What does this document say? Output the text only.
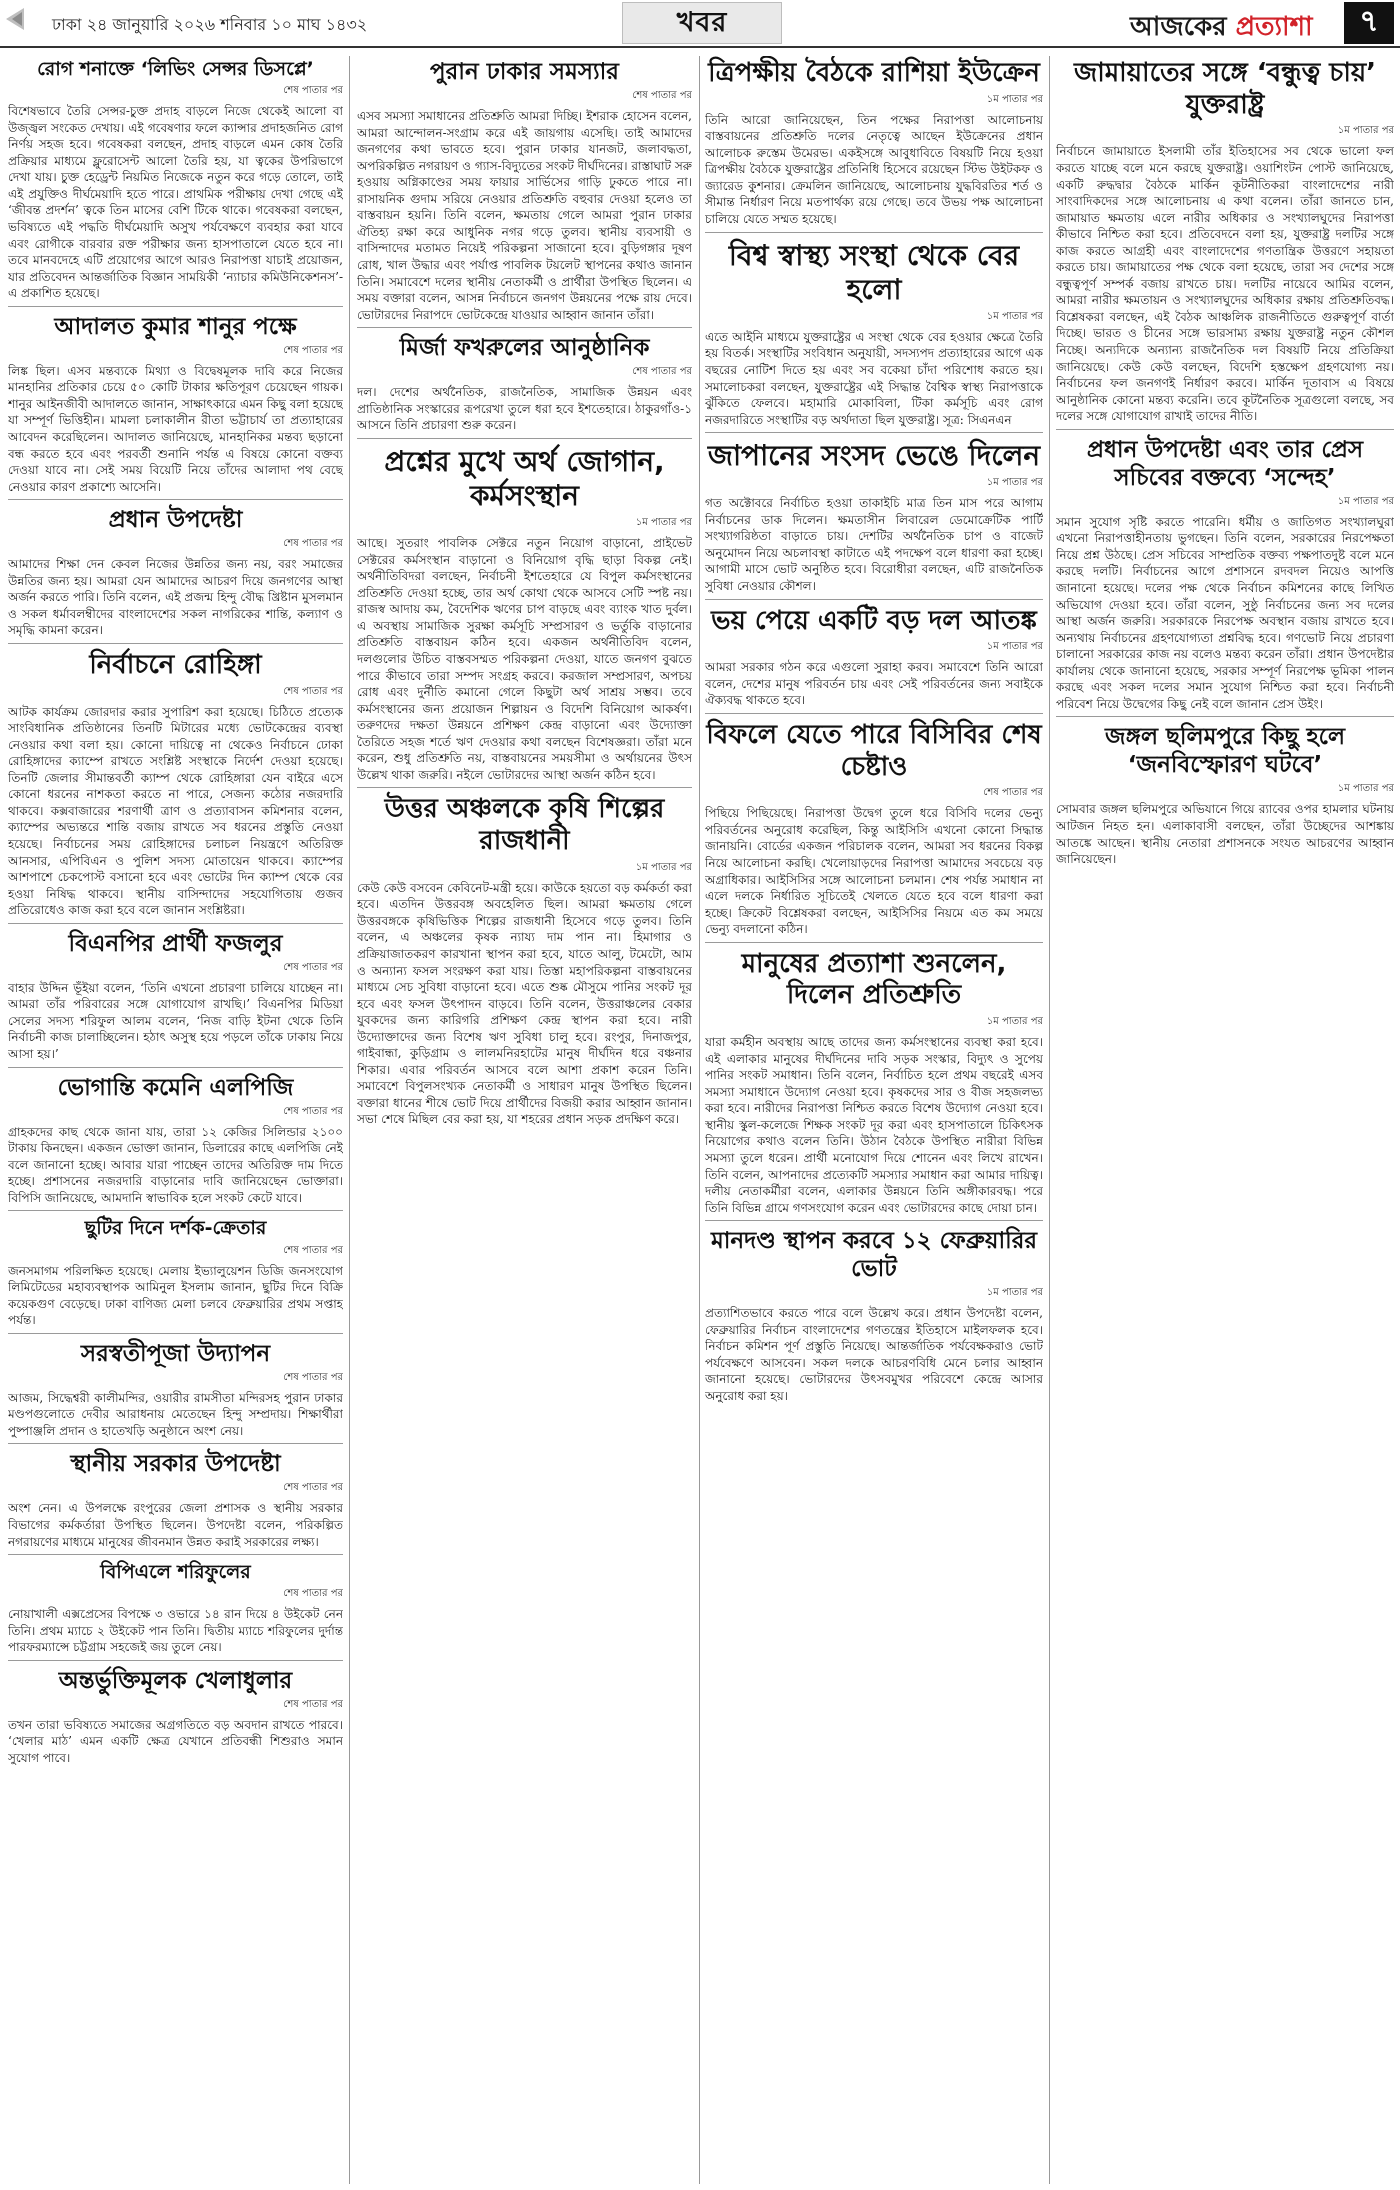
ঢাকা ২৪ জানুয়ারি ২০২৬ শনিবার ১০ মাঘ ১৪৩২	খবর	আজকের প্রত্যাশা	৭
রোগ শনাক্তে ‘লিভিং সেন্সর ডিসপ্লে’
শেষ পাতার পর
বিশেষভাবে তৈরি সেন্সর-চুক্ত প্রদাহ বাড়লে নিজে থেকেই আলো বা উজ্জ্বল সংকেত দেখায়। এই গবেষণার ফলে ক্যান্সার প্রদাহজনিত রোগ নির্ণয় সহজ হবে। গবেষকরা বলছেন, প্রদাহ বাড়লে এমন কোষ তৈরি প্রক্রিয়ার মাধ্যমে ফ্লুরোসেন্ট আলো তৈরি হয়, যা ত্বকের উপরিভাগে দেখা যায়। চুক্ত হেড্রেন্ট নিয়মিত নিজেকে নতুন করে গড়ে তোলে, তাই এই প্রযুক্তিও দীর্ঘমেয়াদি হতে পারে। প্রাথমিক পরীক্ষায় দেখা গেছে এই ‘জীবন্ত প্রদর্শন’ ত্বকে তিন মাসের বেশি টিকে থাকে। গবেষকরা বলছেন, ভবিষ্যতে এই পদ্ধতি দীর্ঘমেয়াদি অসুখ পর্যবেক্ষণে ব্যবহার করা যাবে এবং রোগীকে বারবার রক্ত পরীক্ষার জন্য হাসপাতালে যেতে হবে না। তবে মানবদেহে এটি প্রয়োগের আগে আরও নিরাপত্তা যাচাই প্রয়োজন, যার প্রতিবেদন আন্তর্জাতিক বিজ্ঞান সাময়িকী ‘ন্যাচার কমিউনিকেশনস’-এ প্রকাশিত হয়েছে।
আদালত কুমার শানুর পক্ষে
শেষ পাতার পর
লিঙ্ক ছিল। এসব মন্তব্যকে মিথ্যা ও বিদ্বেষমূলক দাবি করে নিজের মানহানির প্রতিকার চেয়ে ৫০ কোটি টাকার ক্ষতিপূরণ চেয়েছেন গায়ক। শানুর আইনজীবী আদালতে জানান, সাক্ষাৎকারে এমন কিছু বলা হয়েছে যা সম্পূর্ণ ভিত্তিহীন। মামলা চলাকালীন রীতা ভট্টাচার্য তা প্রত্যাহারের আবেদন করেছিলেন। আদালত জানিয়েছে, মানহানিকর মন্তব্য ছড়ানো বন্ধ করতে হবে এবং পরবর্তী শুনানি পর্যন্ত এ বিষয়ে কোনো বক্তব্য দেওয়া যাবে না। সেই সময় বিয়েটি নিয়ে তাঁদের আলাদা পথ বেছে নেওয়ার কারণ প্রকাশ্যে আসেনি।
প্রধান উপদেষ্টা
শেষ পাতার পর
আমাদের শিক্ষা দেন কেবল নিজের উন্নতির জন্য নয়, বরং সমাজের উন্নতির জন্য হয়। আমরা যেন আমাদের আচরণ দিয়ে জনগণের আস্থা অর্জন করতে পারি। তিনি বলেন, এই প্রজন্ম হিন্দু বৌদ্ধ খ্রিষ্টান মুসলমান ও সকল ধর্মাবলম্বীদের বাংলাদেশের সকল নাগরিকের শান্তি, কল্যাণ ও সমৃদ্ধি কামনা করেন।
নির্বাচনে রোহিঙ্গা
শেষ পাতার পর
আটক কার্যক্রম জোরদার করার সুপারিশ করা হয়েছে। চিঠিতে প্রত্যেক সাংবিধানিক প্রতিষ্ঠানের তিনটি মিটারের মধ্যে ভোটকেন্দ্রের ব্যবস্থা নেওয়ার কথা বলা হয়। কোনো দায়িত্বে না থেকেও নির্বাচনে ঢোকা রোহিঙ্গাদের ক্যাম্পে রাখতে সংশ্লিষ্ট সংস্থাকে নির্দেশ দেওয়া হয়েছে। তিনটি জেলার সীমান্তবর্তী ক্যাম্প থেকে রোহিঙ্গারা যেন বাইরে এসে কোনো ধরনের নাশকতা করতে না পারে, সেজন্য কঠোর নজরদারি থাকবে। কক্সবাজারের শরণার্থী ত্রাণ ও প্রত্যাবাসন কমিশনার বলেন, ক্যাম্পের অভ্যন্তরে শান্তি বজায় রাখতে সব ধরনের প্রস্তুতি নেওয়া হয়েছে। নির্বাচনের সময় রোহিঙ্গাদের চলাচল নিয়ন্ত্রণে অতিরিক্ত আনসার, এপিবিএন ও পুলিশ সদস্য মোতায়েন থাকবে। ক্যাম্পের আশপাশে চেকপোস্ট বসানো হবে এবং ভোটের দিন ক্যাম্প থেকে বের হওয়া নিষিদ্ধ থাকবে। স্থানীয় বাসিন্দাদের সহযোগিতায় গুজব প্রতিরোধেও কাজ করা হবে বলে জানান সংশ্লিষ্টরা।
বিএনপির প্রার্থী ফজলুর
শেষ পাতার পর
বাহার উদ্দিন ভূঁইয়া বলেন, ‘তিনি এখনো প্রচারণা চালিয়ে যাচ্ছেন না। আমরা তাঁর পরিবারের সঙ্গে যোগাযোগ রাখছি।’ বিএনপির মিডিয়া সেলের সদস্য শরিফুল আলম বলেন, ‘নিজ বাড়ি ইটনা থেকে তিনি নির্বাচনী কাজ চালাচ্ছিলেন। হঠাৎ অসুস্থ হয়ে পড়লে তাঁকে ঢাকায় নিয়ে আসা হয়।’
ভোগান্তি কমেনি এলপিজি
শেষ পাতার পর
গ্রাহকদের কাছ থেকে জানা যায়, তারা ১২ কেজির সিলিন্ডার ২১০০ টাকায় কিনছেন। একজন ভোক্তা জানান, ডিলারের কাছে এলপিজি নেই বলে জানানো হচ্ছে। আবার যারা পাচ্ছেন তাদের অতিরিক্ত দাম দিতে হচ্ছে। প্রশাসনের নজরদারি বাড়ানোর দাবি জানিয়েছেন ভোক্তারা। বিপিসি জানিয়েছে, আমদানি স্বাভাবিক হলে সংকট কেটে যাবে।
ছুটির দিনে দর্শক-ক্রেতার
শেষ পাতার পর
জনসমাগম পরিলক্ষিত হয়েছে। মেলায় ইভ্যালুয়েশন ডিজি জনসংযোগ লিমিটেডের মহাব্যবস্থাপক আমিনুল ইসলাম জানান, ছুটির দিনে বিক্রি কয়েকগুণ বেড়েছে। ঢাকা বাণিজ্য মেলা চলবে ফেব্রুয়ারির প্রথম সপ্তাহ পর্যন্ত।
সরস্বতীপূজা উদ্যাপন
শেষ পাতার পর
আজম, সিদ্ধেশ্বরী কালীমন্দির, ওয়ারীর রামসীতা মন্দিরসহ পুরান ঢাকার মণ্ডপগুলোতে দেবীর আরাধনায় মেতেছেন হিন্দু সম্প্রদায়। শিক্ষার্থীরা পুষ্পাঞ্জলি প্রদান ও হাতেখড়ি অনুষ্ঠানে অংশ নেয়।
স্থানীয় সরকার উপদেষ্টা
শেষ পাতার পর
অংশ নেন। এ উপলক্ষে রংপুরের জেলা প্রশাসক ও স্থানীয় সরকার বিভাগের কর্মকর্তারা উপস্থিত ছিলেন। উপদেষ্টা বলেন, পরিকল্পিত নগরায়ণের মাধ্যমে মানুষের জীবনমান উন্নত করাই সরকারের লক্ষ্য।
বিপিএলে শরিফুলের
শেষ পাতার পর
নোয়াখালী এক্সপ্রেসের বিপক্ষে ৩ ওভারে ১৪ রান দিয়ে ৪ উইকেট নেন তিনি। প্রথম ম্যাচে ২ উইকেট পান তিনি। দ্বিতীয় ম্যাচে শরিফুলের দুর্দান্ত পারফরম্যান্সে চট্টগ্রাম সহজেই জয় তুলে নেয়।
অন্তর্ভুক্তিমূলক খেলাধুলার
শেষ পাতার পর
তখন তারা ভবিষ্যতে সমাজের অগ্রগতিতে বড় অবদান রাখতে পারবে। ‘খেলার মাঠ’ এমন একটি ক্ষেত্র যেখানে প্রতিবন্ধী শিশুরাও সমান সুযোগ পাবে।
পুরান ঢাকার সমস্যার
শেষ পাতার পর
এসব সমস্যা সমাধানের প্রতিশ্রুতি আমরা দিচ্ছি। ইশরাক হোসেন বলেন, আমরা আন্দোলন-সংগ্রাম করে এই জায়গায় এসেছি। তাই আমাদের জনগণের কথা ভাবতে হবে। পুরান ঢাকার যানজট, জলাবদ্ধতা, অপরিকল্পিত নগরায়ণ ও গ্যাস-বিদ্যুতের সংকট দীর্ঘদিনের। রাস্তাঘাট সরু হওয়ায় অগ্নিকাণ্ডের সময় ফায়ার সার্ভিসের গাড়ি ঢুকতে পারে না। রাসায়নিক গুদাম সরিয়ে নেওয়ার প্রতিশ্রুতি বহুবার দেওয়া হলেও তা বাস্তবায়ন হয়নি। তিনি বলেন, ক্ষমতায় গেলে আমরা পুরান ঢাকার ঐতিহ্য রক্ষা করে আধুনিক নগর গড়ে তুলব। স্থানীয় ব্যবসায়ী ও বাসিন্দাদের মতামত নিয়েই পরিকল্পনা সাজানো হবে। বুড়িগঙ্গার দূষণ রোধ, খাল উদ্ধার এবং পর্যাপ্ত পাবলিক টয়লেট স্থাপনের কথাও জানান তিনি। সমাবেশে দলের স্থানীয় নেতাকর্মী ও প্রার্থীরা উপস্থিত ছিলেন। এ সময় বক্তারা বলেন, আসন্ন নির্বাচনে জনগণ উন্নয়নের পক্ষে রায় দেবে। ভোটারদের নিরাপদে ভোটকেন্দ্রে যাওয়ার আহ্বান জানান তাঁরা।
মির্জা ফখরুলের আনুষ্ঠানিক
শেষ পাতার পর
দল। দেশের অর্থনৈতিক, রাজনৈতিক, সামাজিক উন্নয়ন এবং প্রাতিষ্ঠানিক সংস্কারের রূপরেখা তুলে ধরা হবে ইশতেহারে। ঠাকুরগাঁও-১ আসনে তিনি প্রচারণা শুরু করেন।
প্রশ্নের মুখে অর্থ জোগান, কর্মসংস্থান
১ম পাতার পর
আছে। সুতরাং পাবলিক সেক্টরে নতুন নিয়োগ বাড়ানো, প্রাইভেট সেক্টরের কর্মসংস্থান বাড়ানো ও বিনিয়োগ বৃদ্ধি ছাড়া বিকল্প নেই। অর্থনীতিবিদরা বলছেন, নির্বাচনী ইশতেহারে যে বিপুল কর্মসংস্থানের প্রতিশ্রুতি দেওয়া হচ্ছে, তার অর্থ কোথা থেকে আসবে সেটি স্পষ্ট নয়। রাজস্ব আদায় কম, বৈদেশিক ঋণের চাপ বাড়ছে এবং ব্যাংক খাত দুর্বল। এ অবস্থায় সামাজিক সুরক্ষা কর্মসূচি সম্প্রসারণ ও ভর্তুকি বাড়ানোর প্রতিশ্রুতি বাস্তবায়ন কঠিন হবে। একজন অর্থনীতিবিদ বলেন, দলগুলোর উচিত বাস্তবসম্মত পরিকল্পনা দেওয়া, যাতে জনগণ বুঝতে পারে কীভাবে তারা সম্পদ সংগ্রহ করবে। করজাল সম্প্রসারণ, অপচয় রোধ এবং দুর্নীতি কমানো গেলে কিছুটা অর্থ সাশ্রয় সম্ভব। তবে কর্মসংস্থানের জন্য প্রয়োজন শিল্পায়ন ও বিদেশি বিনিয়োগ আকর্ষণ। তরুণদের দক্ষতা উন্নয়নে প্রশিক্ষণ কেন্দ্র বাড়ানো এবং উদ্যোক্তা তৈরিতে সহজ শর্তে ঋণ দেওয়ার কথা বলছেন বিশেষজ্ঞরা। তাঁরা মনে করেন, শুধু প্রতিশ্রুতি নয়, বাস্তবায়নের সময়সীমা ও অর্থায়নের উৎস উল্লেখ থাকা জরুরি। নইলে ভোটারদের আস্থা অর্জন কঠিন হবে।
উত্তর অঞ্চলকে কৃষি শিল্পের রাজধানী
১ম পাতার পর
কেউ কেউ বসবেন কেবিনেট-মন্ত্রী হয়ে। কাউকে হয়তো বড় কর্মকর্তা করা হবে। এতদিন উত্তরবঙ্গ অবহেলিত ছিল। আমরা ক্ষমতায় গেলে উত্তরবঙ্গকে কৃষিভিত্তিক শিল্পের রাজধানী হিসেবে গড়ে তুলব। তিনি বলেন, এ অঞ্চলের কৃষক ন্যায্য দাম পান না। হিমাগার ও প্রক্রিয়াজাতকরণ কারখানা স্থাপন করা হবে, যাতে আলু, টমেটো, আম ও অন্যান্য ফসল সংরক্ষণ করা যায়। তিস্তা মহাপরিকল্পনা বাস্তবায়নের মাধ্যমে সেচ সুবিধা বাড়ানো হবে। এতে শুষ্ক মৌসুমে পানির সংকট দূর হবে এবং ফসল উৎপাদন বাড়বে। তিনি বলেন, উত্তরাঞ্চলের বেকার যুবকদের জন্য কারিগরি প্রশিক্ষণ কেন্দ্র স্থাপন করা হবে। নারী উদ্যোক্তাদের জন্য বিশেষ ঋণ সুবিধা চালু হবে। রংপুর, দিনাজপুর, গাইবান্ধা, কুড়িগ্রাম ও লালমনিরহাটের মানুষ দীর্ঘদিন ধরে বঞ্চনার শিকার। এবার পরিবর্তন আসবে বলে আশা প্রকাশ করেন তিনি। সমাবেশে বিপুলসংখ্যক নেতাকর্মী ও সাধারণ মানুষ উপস্থিত ছিলেন। বক্তারা ধানের শীষে ভোট দিয়ে প্রার্থীদের বিজয়ী করার আহ্বান জানান। সভা শেষে মিছিল বের করা হয়, যা শহরের প্রধান সড়ক প্রদক্ষিণ করে।
ত্রিপক্ষীয় বৈঠকে রাশিয়া ইউক্রেন
১ম পাতার পর
তিনি আরো জানিয়েছেন, তিন পক্ষের নিরাপত্তা আলোচনায় বাস্তবায়নের প্রতিশ্রুতি দলের নেতৃত্বে আছেন ইউক্রেনের প্রধান আলোচক রুস্তেম উমেরভ। একইসঙ্গে আবুধাবিতে বিষয়টি নিয়ে হওয়া ত্রিপক্ষীয় বৈঠকে যুক্তরাষ্ট্রের প্রতিনিধি হিসেবে রয়েছেন স্টিভ উইটকফ ও জ্যারেড কুশনার। ক্রেমলিন জানিয়েছে, আলোচনায় যুদ্ধবিরতির শর্ত ও সীমান্ত নির্ধারণ নিয়ে মতপার্থক্য রয়ে গেছে। তবে উভয় পক্ষ আলোচনা চালিয়ে যেতে সম্মত হয়েছে।
বিশ্ব স্বাস্থ্য সংস্থা থেকে বের হলো
১ম পাতার পর
এতে আইনি মাধ্যমে যুক্তরাষ্ট্রের এ সংস্থা থেকে বের হওয়ার ক্ষেত্রে তৈরি হয় বিতর্ক। সংস্থাটির সংবিধান অনুযায়ী, সদস্যপদ প্রত্যাহারের আগে এক বছরের নোটিশ দিতে হয় এবং সব বকেয়া চাঁদা পরিশোধ করতে হয়। সমালোচকরা বলছেন, যুক্তরাষ্ট্রের এই সিদ্ধান্ত বৈশ্বিক স্বাস্থ্য নিরাপত্তাকে ঝুঁকিতে ফেলবে। মহামারি মোকাবিলা, টিকা কর্মসূচি এবং রোগ নজরদারিতে সংস্থাটির বড় অর্থদাতা ছিল যুক্তরাষ্ট্র। সূত্র: সিএনএন
জাপানের সংসদ ভেঙে দিলেন
১ম পাতার পর
গত অক্টোবরে নির্বাচিত হওয়া তাকাইচি মাত্র তিন মাস পরে আগাম নির্বাচনের ডাক দিলেন। ক্ষমতাসীন লিবারেল ডেমোক্রেটিক পার্টি সংখ্যাগরিষ্ঠতা বাড়াতে চায়। দেশটির অর্থনৈতিক চাপ ও বাজেট অনুমোদন নিয়ে অচলাবস্থা কাটাতে এই পদক্ষেপ বলে ধারণা করা হচ্ছে। আগামী মাসে ভোট অনুষ্ঠিত হবে। বিরোধীরা বলছেন, এটি রাজনৈতিক সুবিধা নেওয়ার কৌশল।
ভয় পেয়ে একটি বড় দল আতঙ্ক
১ম পাতার পর
আমরা সরকার গঠন করে এগুলো সুরাহা করব। সমাবেশে তিনি আরো বলেন, দেশের মানুষ পরিবর্তন চায় এবং সেই পরিবর্তনের জন্য সবাইকে ঐক্যবদ্ধ থাকতে হবে।
বিফলে যেতে পারে বিসিবির শেষ চেষ্টাও
শেষ পাতার পর
পিছিয়ে পিছিয়েছে। নিরাপত্তা উদ্বেগ তুলে ধরে বিসিবি দলের ভেন্যু পরিবর্তনের অনুরোধ করেছিল, কিন্তু আইসিসি এখনো কোনো সিদ্ধান্ত জানায়নি। বোর্ডের একজন পরিচালক বলেন, আমরা সব ধরনের বিকল্প নিয়ে আলোচনা করছি। খেলোয়াড়দের নিরাপত্তা আমাদের সবচেয়ে বড় অগ্রাধিকার। আইসিসির সঙ্গে আলোচনা চলমান। শেষ পর্যন্ত সমাধান না এলে দলকে নির্ধারিত সূচিতেই খেলতে যেতে হবে বলে ধারণা করা হচ্ছে। ক্রিকেট বিশ্লেষকরা বলছেন, আইসিসির নিয়মে এত কম সময়ে ভেন্যু বদলানো কঠিন।
মানুষের প্রত্যাশা শুনলেন, দিলেন প্রতিশ্রুতি
১ম পাতার পর
যারা কর্মহীন অবস্থায় আছে তাদের জন্য কর্মসংস্থানের ব্যবস্থা করা হবে। এই এলাকার মানুষের দীর্ঘদিনের দাবি সড়ক সংস্কার, বিদ্যুৎ ও সুপেয় পানির সংকট সমাধান। তিনি বলেন, নির্বাচিত হলে প্রথম বছরেই এসব সমস্যা সমাধানে উদ্যোগ নেওয়া হবে। কৃষকদের সার ও বীজ সহজলভ্য করা হবে। নারীদের নিরাপত্তা নিশ্চিত করতে বিশেষ উদ্যোগ নেওয়া হবে। স্থানীয় স্কুল-কলেজে শিক্ষক সংকট দূর করা এবং হাসপাতালে চিকিৎসক নিয়োগের কথাও বলেন তিনি। উঠান বৈঠকে উপস্থিত নারীরা বিভিন্ন সমস্যা তুলে ধরেন। প্রার্থী মনোযোগ দিয়ে শোনেন এবং লিখে রাখেন। তিনি বলেন, আপনাদের প্রত্যেকটি সমস্যার সমাধান করা আমার দায়িত্ব। দলীয় নেতাকর্মীরা বলেন, এলাকার উন্নয়নে তিনি অঙ্গীকারবদ্ধ। পরে তিনি বিভিন্ন গ্রামে গণসংযোগ করেন এবং ভোটারদের কাছে দোয়া চান।
মানদণ্ড স্থাপন করবে ১২ ফেব্রুয়ারির ভোট
১ম পাতার পর
প্রত্যাশিতভাবে করতে পারে বলে উল্লেখ করে। প্রধান উপদেষ্টা বলেন, ফেব্রুয়ারির নির্বাচন বাংলাদেশের গণতন্ত্রের ইতিহাসে মাইলফলক হবে। নির্বাচন কমিশন পূর্ণ প্রস্তুতি নিয়েছে। আন্তর্জাতিক পর্যবেক্ষকরাও ভোট পর্যবেক্ষণে আসবেন। সকল দলকে আচরণবিধি মেনে চলার আহ্বান জানানো হয়েছে। ভোটারদের উৎসবমুখর পরিবেশে কেন্দ্রে আসার অনুরোধ করা হয়।
জামায়াতের সঙ্গে ‘বন্ধুত্ব চায়’ যুক্তরাষ্ট্র
১ম পাতার পর
নির্বাচনে জামায়াতে ইসলামী তাঁর ইতিহাসের সব থেকে ভালো ফল করতে যাচ্ছে বলে মনে করছে যুক্তরাষ্ট্র। ওয়াশিংটন পোস্ট জানিয়েছে, একটি রুদ্ধদ্বার বৈঠকে মার্কিন কূটনীতিকরা বাংলাদেশের নারী সাংবাদিকদের সঙ্গে আলোচনায় এ কথা বলেন। তাঁরা জানতে চান, জামায়াত ক্ষমতায় এলে নারীর অধিকার ও সংখ্যালঘুদের নিরাপত্তা কীভাবে নিশ্চিত করা হবে। প্রতিবেদনে বলা হয়, যুক্তরাষ্ট্র দলটির সঙ্গে কাজ করতে আগ্রহী এবং বাংলাদেশের গণতান্ত্রিক উত্তরণে সহায়তা করতে চায়। জামায়াতের পক্ষ থেকে বলা হয়েছে, তারা সব দেশের সঙ্গে বন্ধুত্বপূর্ণ সম্পর্ক বজায় রাখতে চায়। দলটির নায়েবে আমির বলেন, আমরা নারীর ক্ষমতায়ন ও সংখ্যালঘুদের অধিকার রক্ষায় প্রতিশ্রুতিবদ্ধ। বিশ্লেষকরা বলছেন, এই বৈঠক আঞ্চলিক রাজনীতিতে গুরুত্বপূর্ণ বার্তা দিচ্ছে। ভারত ও চীনের সঙ্গে ভারসাম্য রক্ষায় যুক্তরাষ্ট্র নতুন কৌশল নিচ্ছে। অন্যদিকে অন্যান্য রাজনৈতিক দল বিষয়টি নিয়ে প্রতিক্রিয়া জানিয়েছে। কেউ কেউ বলছেন, বিদেশি হস্তক্ষেপ গ্রহণযোগ্য নয়। নির্বাচনের ফল জনগণই নির্ধারণ করবে। মার্কিন দূতাবাস এ বিষয়ে আনুষ্ঠানিক কোনো মন্তব্য করেনি। তবে কূটনৈতিক সূত্রগুলো বলছে, সব দলের সঙ্গে যোগাযোগ রাখাই তাদের নীতি।
প্রধান উপদেষ্টা এবং তার প্রেস সচিবের বক্তব্যে ‘সন্দেহ’
১ম পাতার পর
সমান সুযোগ সৃষ্টি করতে পারেনি। ধর্মীয় ও জাতিগত সংখ্যালঘুরা এখনো নিরাপত্তাহীনতায় ভুগছেন। তিনি বলেন, সরকারের নিরপেক্ষতা নিয়ে প্রশ্ন উঠছে। প্রেস সচিবের সাম্প্রতিক বক্তব্য পক্ষপাতদুষ্ট বলে মনে করছে দলটি। নির্বাচনের আগে প্রশাসনে রদবদল নিয়েও আপত্তি জানানো হয়েছে। দলের পক্ষ থেকে নির্বাচন কমিশনের কাছে লিখিত অভিযোগ দেওয়া হবে। তাঁরা বলেন, সুষ্ঠু নির্বাচনের জন্য সব দলের আস্থা অর্জন জরুরি। সরকারকে নিরপেক্ষ অবস্থান বজায় রাখতে হবে। অন্যথায় নির্বাচনের গ্রহণযোগ্যতা প্রশ্নবিদ্ধ হবে। গণভোট নিয়ে প্রচারণা চালানো সরকারের কাজ নয় বলেও মন্তব্য করেন তাঁরা। প্রধান উপদেষ্টার কার্যালয় থেকে জানানো হয়েছে, সরকার সম্পূর্ণ নিরপেক্ষ ভূমিকা পালন করছে এবং সকল দলের সমান সুযোগ নিশ্চিত করা হবে। নির্বাচনী পরিবেশ নিয়ে উদ্বেগের কিছু নেই বলে জানান প্রেস উইং।
জঙ্গল ছলিমপুরে কিছু হলে ‘জনবিস্ফোরণ ঘটবে’
১ম পাতার পর
সোমবার জঙ্গল ছলিমপুরে অভিযানে গিয়ে র‍্যাবের ওপর হামলার ঘটনায় আটজন নিহত হন। এলাকাবাসী বলছেন, তাঁরা উচ্ছেদের আশঙ্কায় আতঙ্কে আছেন। স্থানীয় নেতারা প্রশাসনকে সংযত আচরণের আহ্বান জানিয়েছেন।
